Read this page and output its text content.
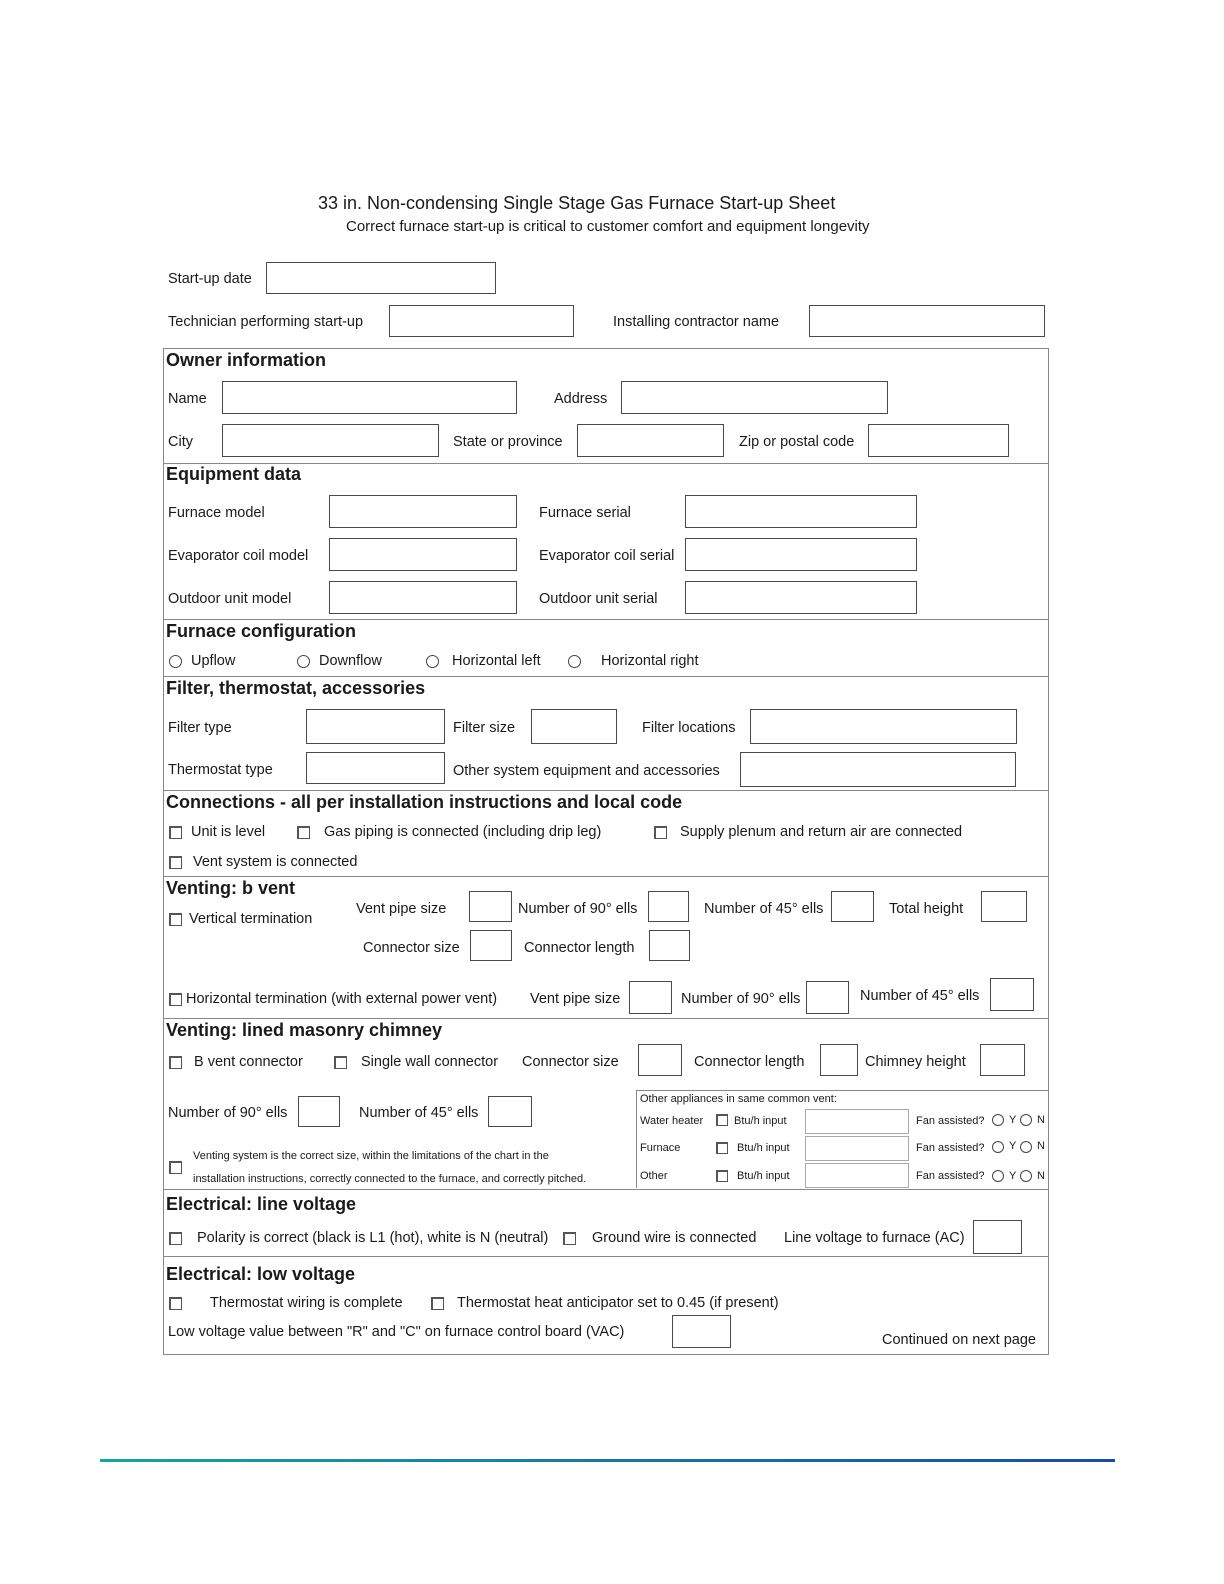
33 in. Non-condensing Single Stage Gas Furnace Start-up Sheet
Correct furnace start-up is critical to customer comfort and equipment longevity
Start-up date
Technician performing start-up	Installing contractor name
Owner information
Name	Address
City	State or province	Zip or postal code
Equipment data
Furnace model	Furnace serial
Evaporator coil model	Evaporator coil serial
Outdoor unit model	Outdoor unit serial
Furnace configuration
Upflow	Downflow	Horizontal left	Horizontal right
Filter, thermostat, accessories
Filter type	Filter size	Filter locations
Thermostat type	Other system equipment and accessories
Connections - all per installation instructions and local code
Unit is level	Gas piping is connected (including drip leg)	Supply plenum and return air are connected
Vent system is connected
Venting: b vent
Vertical termination
Vent pipe size	Number of 90° ells	Number of 45° ells	Total height
Connector size	Connector length
Horizontal termination (with external power vent) Vent pipe size	Number of 90° ells	Number of 45° ells
Venting: lined masonry chimney
B vent connector	Single wall connector Connector size	Connector length	Chimney height
Number of 90° ells	Number of 45° ells
Venting system is the correct size, within the limitations of the chart in the
installation instructions, correctly connected to the furnace, and correctly pitched.
Other appliances in same common vent:
Water heater	Btu/h input	Fan assisted? Y N
Furnace	Btu/h input	Fan assisted? Y N
Other	Btu/h input	Fan assisted? Y N
Electrical: line voltage
Polarity is correct (black is L1 (hot), white is N (neutral)	Ground wire is connected Line voltage to furnace (AC)
Electrical: low voltage
Thermostat wiring is complete	Thermostat heat anticipator set to 0.45 (if present)
Low voltage value between "R" and "C" on furnace control board (VAC)	Continued on next page
